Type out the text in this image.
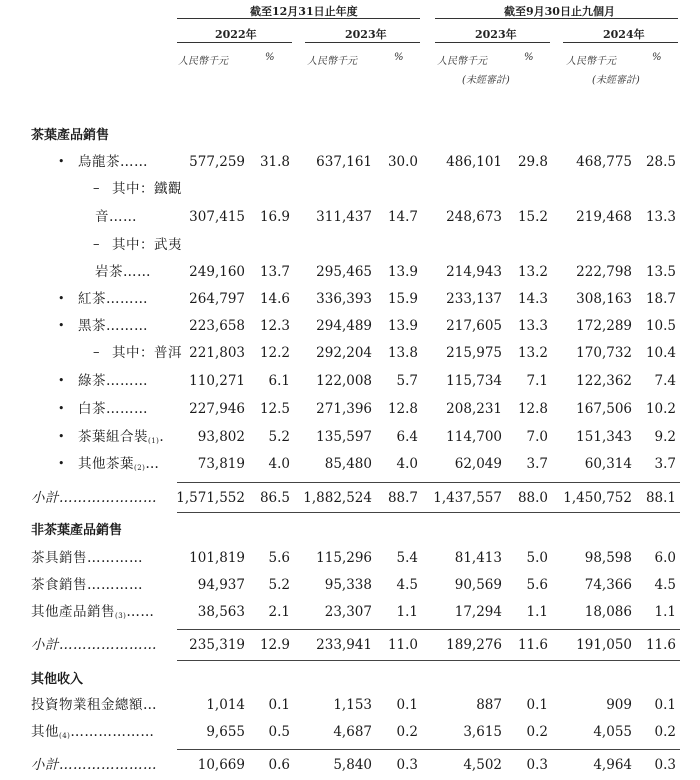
截至12月31日止年度	截至9月30日止九個月
2022年	2023年	2023年	2024年
人民幣千元	%	人民幣千元	%	人民幣千元	%	人民幣千元	%
(未經審計)	(未經審計)
茶葉產品銷售
• 烏龍茶……	577,259	31.8	637,161	30.0	486,101	29.8	468,775	28.5
– 其中：鐵觀
音……	307,415	16.9	311,437	14.7	248,673	15.2	219,468	13.3
– 其中：武夷
岩茶……	249,160	13.7	295,465	13.9	214,943	13.2	222,798	13.5
• 紅茶………	264,797	14.6	336,393	15.9	233,137	14.3	308,163	18.7
• 黑茶………	223,658	12.3	294,489	13.9	217,605	13.3	172,289	10.5
– 其中：普洱 221,803	12.2	292,204	13.8	215,975	13.2	170,732	10.4
• 綠茶………	110,271	6.1	122,008	5.7	115,734	7.1	122,362	7.4
• 白茶………	227,946	12.5	271,396	12.8	208,231	12.8	167,506	10.2
• 茶葉組合裝$^{(1)}$.	93,802	5.2	135,597	6.4	114,700	7.0	151,343	9.2
• 其他茶葉$^{(2)}$…	73,819	4.0	85,480	4.0	62,049	3.7	60,314	3.7
小計………………… 1,571,552	86.5 1,882,524	88.7 1,437,557	88.0 1,450,752	88.1
非茶葉產品銷售
茶具銷售…………	101,819	5.6	115,296	5.4	81,413	5.0	98,598	6.0
茶食銷售…………	94,937	5.2	95,338	4.5	90,569	5.6	74,366	4.5
其他產品銷售$^{(3)}$……	38,563	2.1	23,307	1.1	17,294	1.1	18,086	1.1
小計…………………	235,319	12.9	233,941	11.0	189,276	11.6	191,050	11.6
其他收入
投資物業租金總額…	1,014	0.1	1,153	0.1	887	0.1	909	0.1
其他$^{(4)}$………………	9,655	0.5	4,687	0.2	3,615	0.2	4,055	0.2
小計…………………	10,669	0.6	5,840	0.3	4,502	0.3	4,964	0.3
